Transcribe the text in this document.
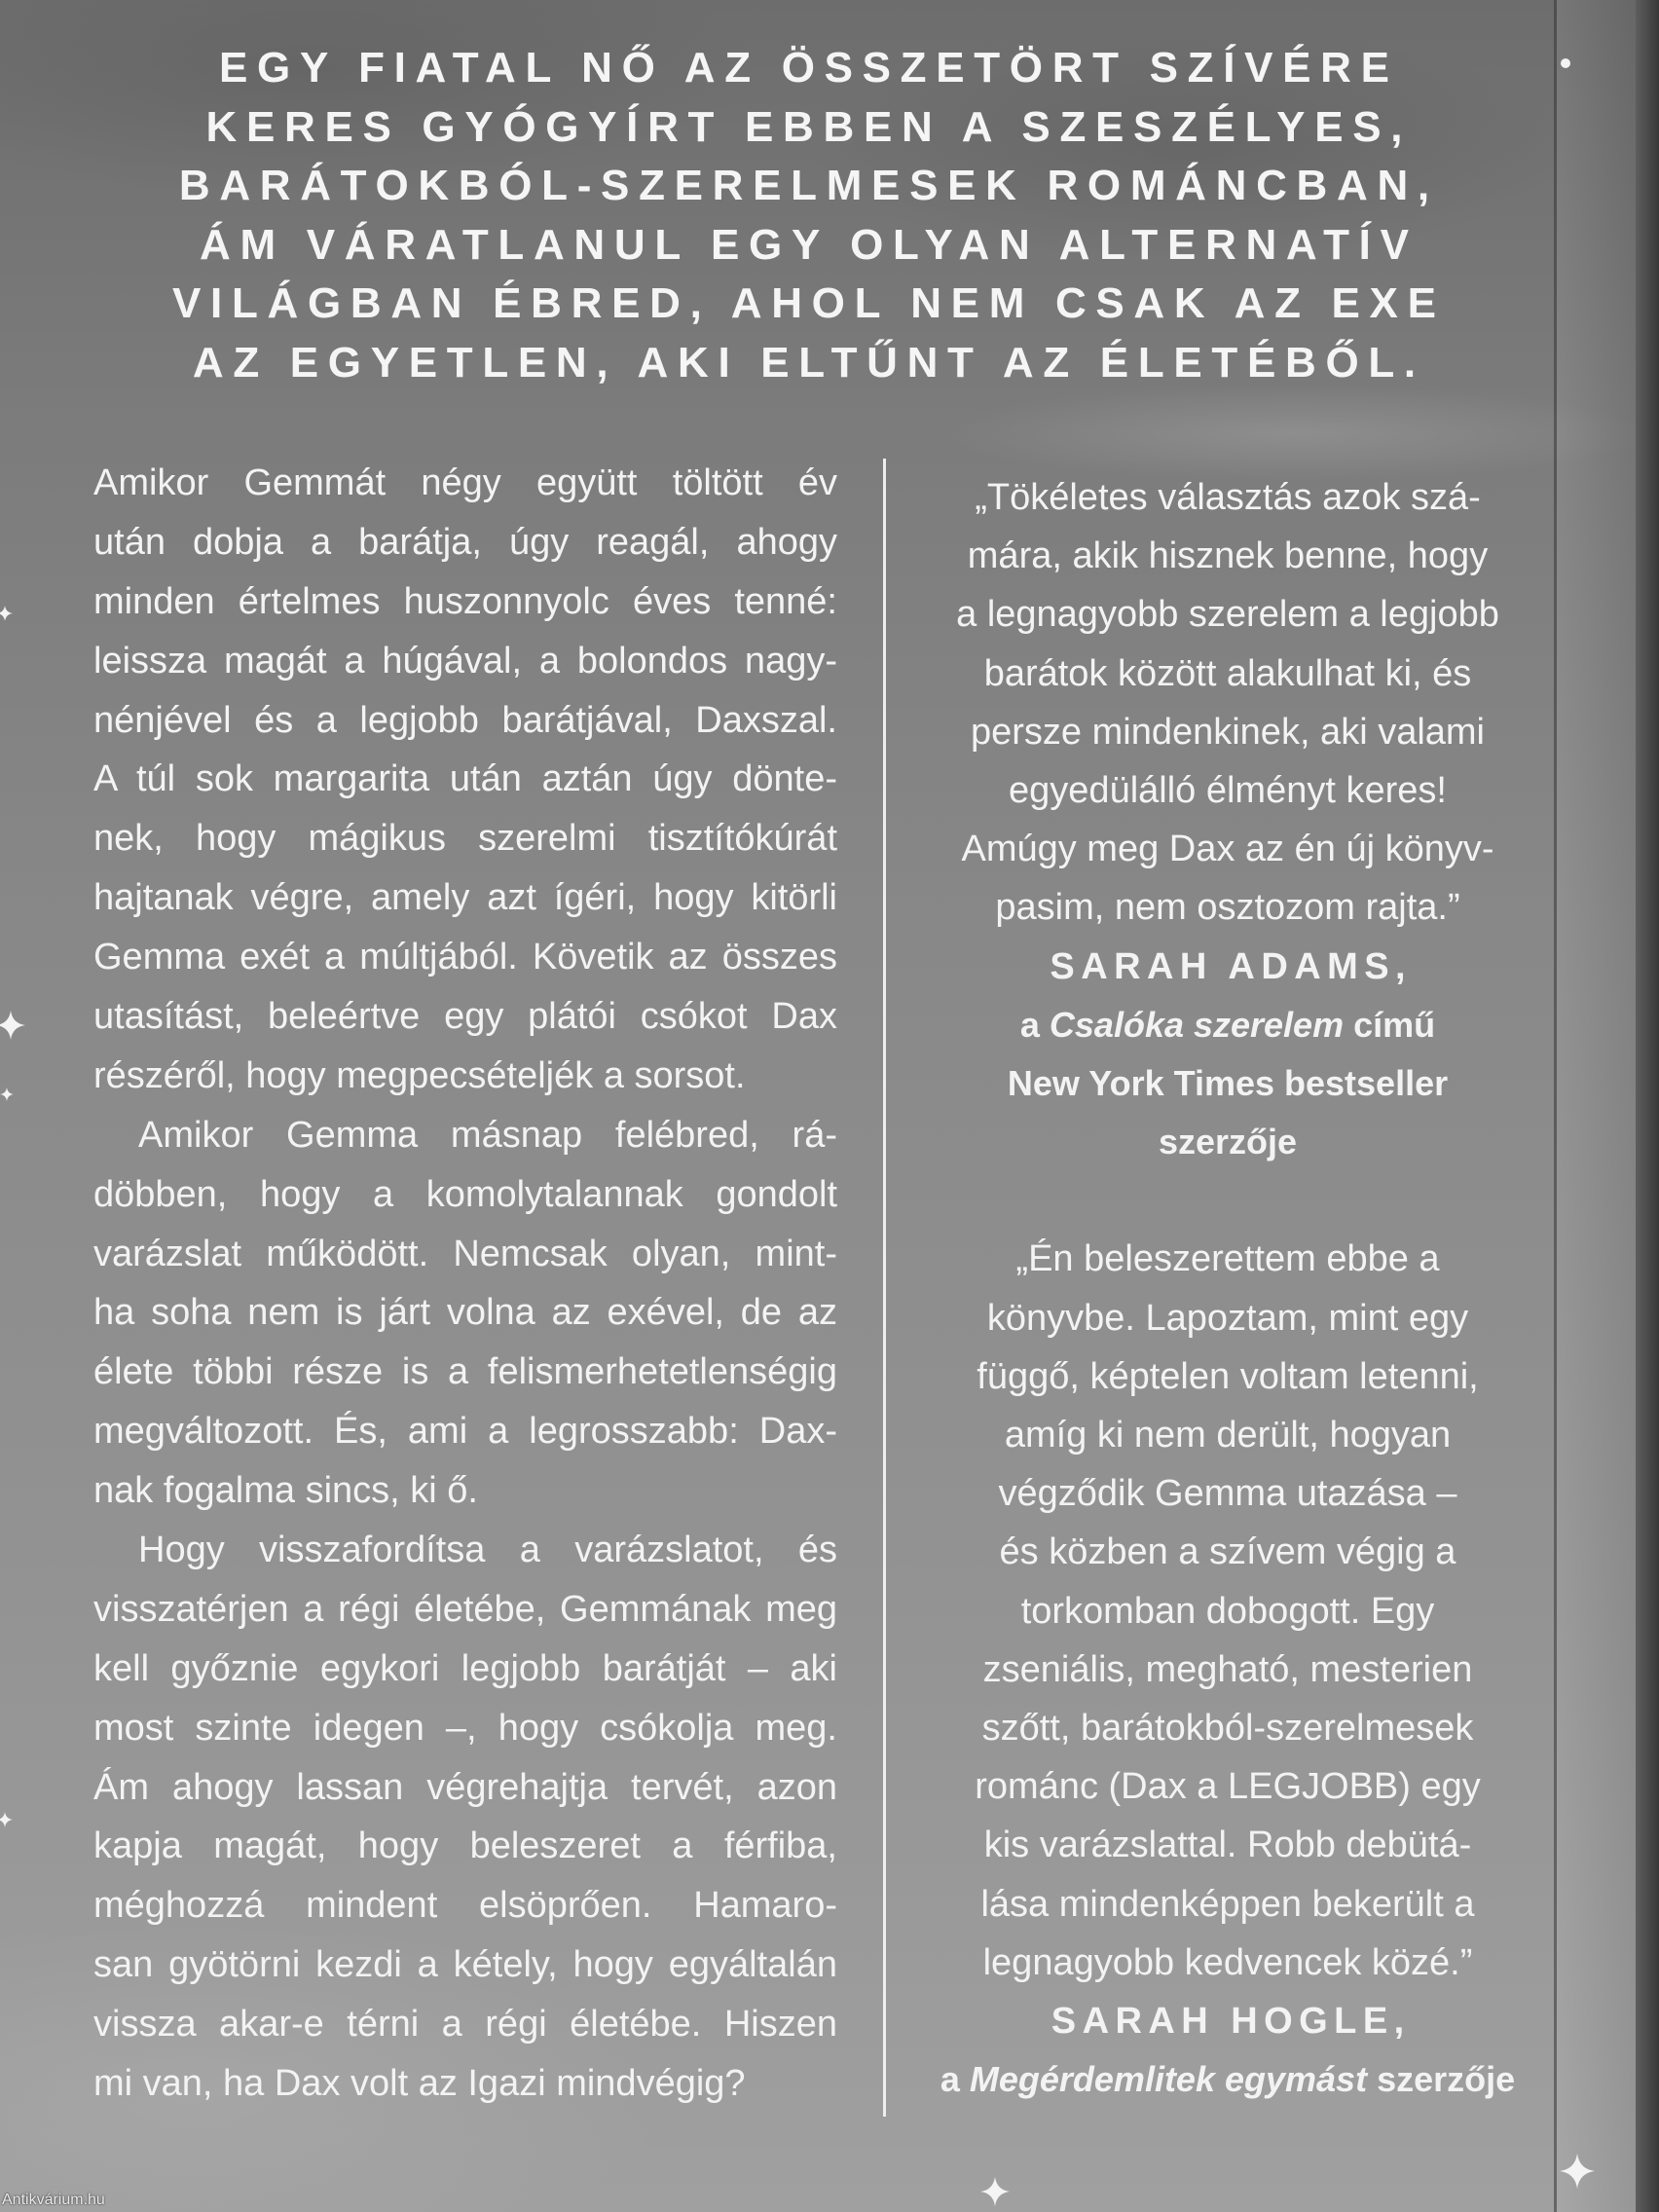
EGY FIATAL NŐ AZ ÖSSZETÖRT SZÍVÉRE
KERES GYÓGYÍRT EBBEN A SZESZÉLYES,
BARÁTOKBÓL-SZERELMESEK ROMÁNCBAN,
ÁM VÁRATLANUL EGY OLYAN ALTERNATÍV
VILÁGBAN ÉBRED, AHOL NEM CSAK AZ EXE
AZ EGYETLEN, AKI ELTŰNT AZ ÉLETÉBŐL.
Amikor Gemmát négy együtt töltött év
után dobja a barátja, úgy reagál, ahogy
minden értelmes huszonnyolc éves tenné:
leissza magát a húgával, a bolondos nagy-
nénjével és a legjobb barátjával, Daxszal.
A túl sok margarita után aztán úgy dönte-
nek, hogy mágikus szerelmi tisztítókúrát
hajtanak végre, amely azt ígéri, hogy kitörli
Gemma exét a múltjából. Követik az összes
utasítást, beleértve egy plátói csókot Dax
részéről, hogy megpecsételjék a sorsot.
Amikor Gemma másnap felébred, rá-
döbben, hogy a komolytalannak gondolt
varázslat működött. Nemcsak olyan, mint-
ha soha nem is járt volna az exével, de az
élete többi része is a felismerhetetlenségig
megváltozott. És, ami a legrosszabb: Dax-
nak fogalma sincs, ki ő.
Hogy visszafordítsa a varázslatot, és
visszatérjen a régi életébe, Gemmának meg
kell győznie egykori legjobb barátját – aki
most szinte idegen –, hogy csókolja meg.
Ám ahogy lassan végrehajtja tervét, azon
kapja magát, hogy beleszeret a férfiba,
méghozzá mindent elsöprően. Hamaro-
san gyötörni kezdi a kétely, hogy egyáltalán
vissza akar-e térni a régi életébe. Hiszen
mi van, ha Dax volt az Igazi mindvégig?
„Tökéletes választás azok szá-
mára, akik hisznek benne, hogy
a legnagyobb szerelem a legjobb
barátok között alakulhat ki, és
persze mindenkinek, aki valami
egyedülálló élményt keres!
Amúgy meg Dax az én új könyv-
pasim, nem osztozom rajta.”
SARAH ADAMS,
a Csalóka szerelem című
New York Times bestseller
szerzője
„Én beleszerettem ebbe a
könyvbe. Lapoztam, mint egy
függő, képtelen voltam letenni,
amíg ki nem derült, hogyan
végződik Gemma utazása –
és közben a szívem végig a
torkomban dobogott. Egy
zseniális, megható, mesterien
szőtt, barátokból-szerelmesek
románc (Dax a LEGJOBB) egy
kis varázslattal. Robb debütá-
lása mindenképpen bekerült a
legnagyobb kedvencek közé.”
SARAH HOGLE,
a Megérdemlitek egymást szerzője
Antikvárium.hu
